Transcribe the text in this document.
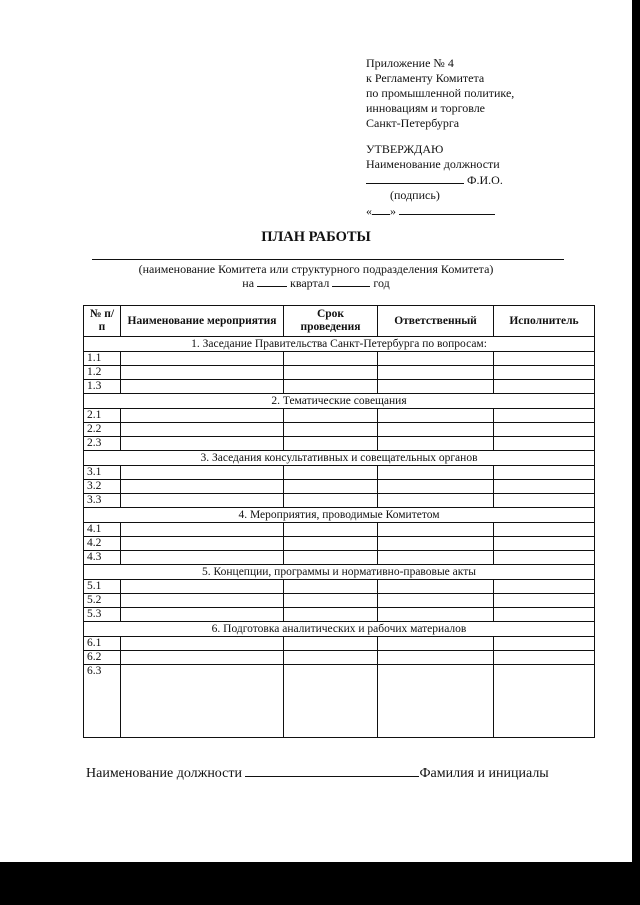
Приложение № 4
к Регламенту Комитета
по промышленной политике,
инновациям и торговле
Санкт-Петербурга
УТВЕРЖДАЮ
Наименование должности
Ф.И.О.
(подпись)
« »
ПЛАН РАБОТЫ
(наименование Комитета или структурного подразделения Комитета)
на	квартал	год
№ п/п	Наименование мероприятия	Срок проведения	Ответственный	Исполнитель
1. Заседание Правительства Санкт-Петербурга по вопросам:				
1.1				
1.2				
1.3				
2. Тематические совещания				
2.1				
2.2				
2.3				
3. Заседания консультативных и совещательных органов				
3.1				
3.2				
3.3				
4. Мероприятия, проводимые Комитетом				
4.1				
4.2				
4.3				
5. Концепции, программы и нормативно-правовые акты				
5.1				
5.2				
5.3				
6. Подготовка аналитических и рабочих материалов				
6.1				
6.2				
6.3				
Наименование должности	Фамилия и инициалы
